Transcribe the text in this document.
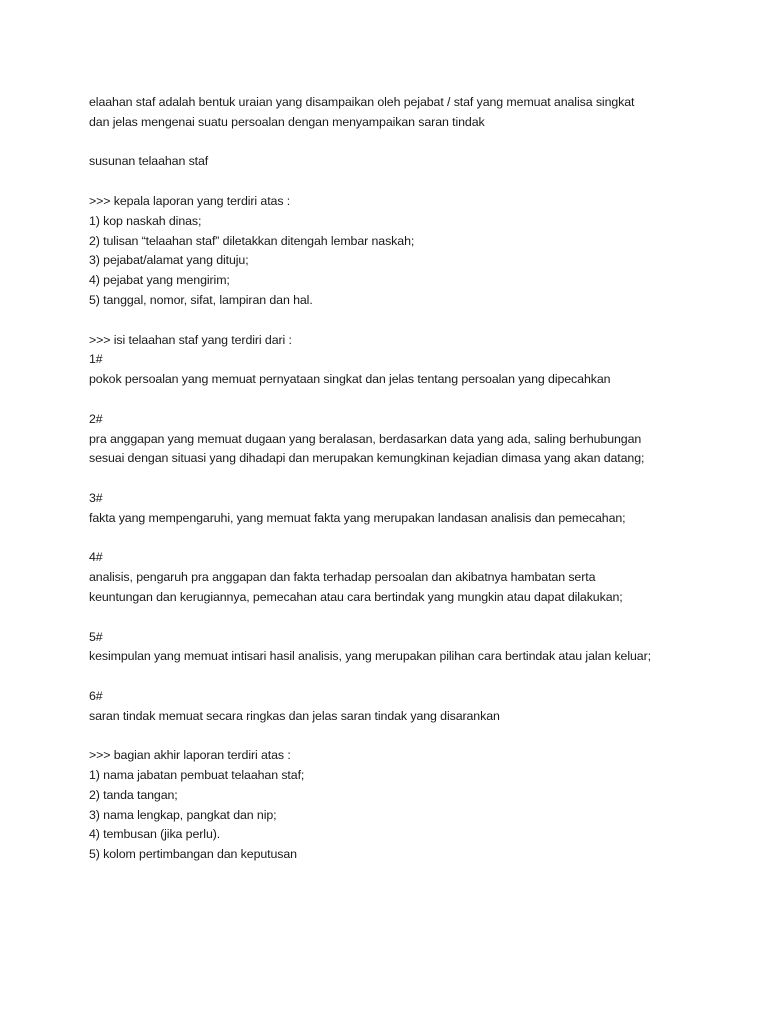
elaahan staf adalah bentuk uraian yang disampaikan oleh pejabat / staf yang memuat analisa singkat
dan jelas mengenai suatu persoalan dengan menyampaikan saran tindak
susunan telaahan staf
>>> kepala laporan yang terdiri atas :
1) kop naskah dinas;
2) tulisan “telaahan staf” diletakkan ditengah lembar naskah;
3) pejabat/alamat yang dituju;
4) pejabat yang mengirim;
5) tanggal, nomor, sifat, lampiran dan hal.
>>> isi telaahan staf yang terdiri dari :
1#
pokok persoalan yang memuat pernyataan singkat dan jelas tentang persoalan yang dipecahkan
2#
pra anggapan yang memuat dugaan yang beralasan, berdasarkan data yang ada, saling berhubungan
sesuai dengan situasi yang dihadapi dan merupakan kemungkinan kejadian dimasa yang akan datang;
3#
fakta yang mempengaruhi, yang memuat fakta yang merupakan landasan analisis dan pemecahan;
4#
analisis, pengaruh pra anggapan dan fakta terhadap persoalan dan akibatnya hambatan serta
keuntungan dan kerugiannya, pemecahan atau cara bertindak yang mungkin atau dapat dilakukan;
5#
kesimpulan yang memuat intisari hasil analisis, yang merupakan pilihan cara bertindak atau jalan keluar;
6#
saran tindak memuat secara ringkas dan jelas saran tindak yang disarankan
>>> bagian akhir laporan terdiri atas :
1) nama jabatan pembuat telaahan staf;
2) tanda tangan;
3) nama lengkap, pangkat dan nip;
4) tembusan (jika perlu).
5) kolom pertimbangan dan keputusan
